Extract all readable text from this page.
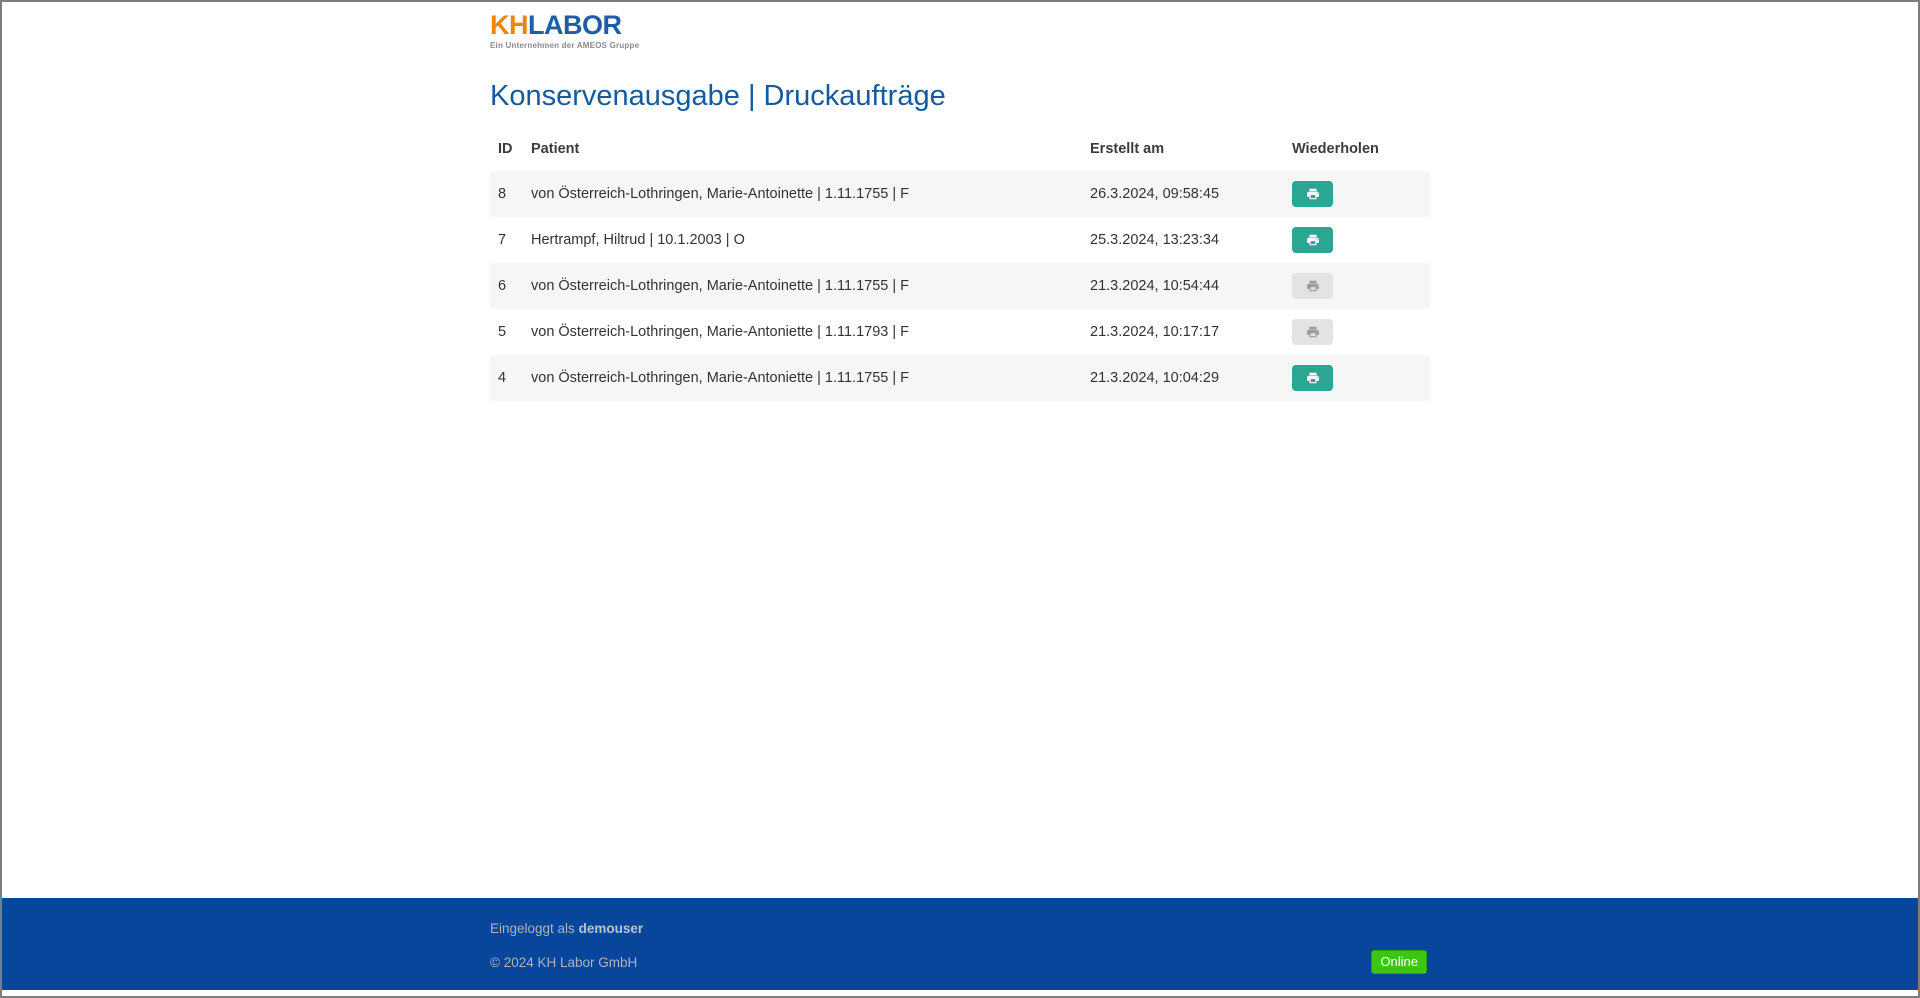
KHLABOR
Ein Unternehmen der AMEOS Gruppe
Konservenausgabe | Druckaufträge
ID	Patient	Erstellt am	Wiederholen
8	von Österreich-Lothringen, Marie-Antoinette | 1.11.1755 | F	26.3.2024, 09:58:45	

7	Hertrampf, Hiltrud | 10.1.2003 | O	25.3.2024, 13:23:34	

6	von Österreich-Lothringen, Marie-Antoinette | 1.11.1755 | F	21.3.2024, 10:54:44	

5	von Österreich-Lothringen, Marie-Antoniette | 1.11.1793 | F	21.3.2024, 10:17:17	

4	von Österreich-Lothringen, Marie-Antoniette | 1.11.1755 | F	21.3.2024, 10:04:29	
Eingeloggt als demouser
© 2024 KH Labor GmbH	Online
